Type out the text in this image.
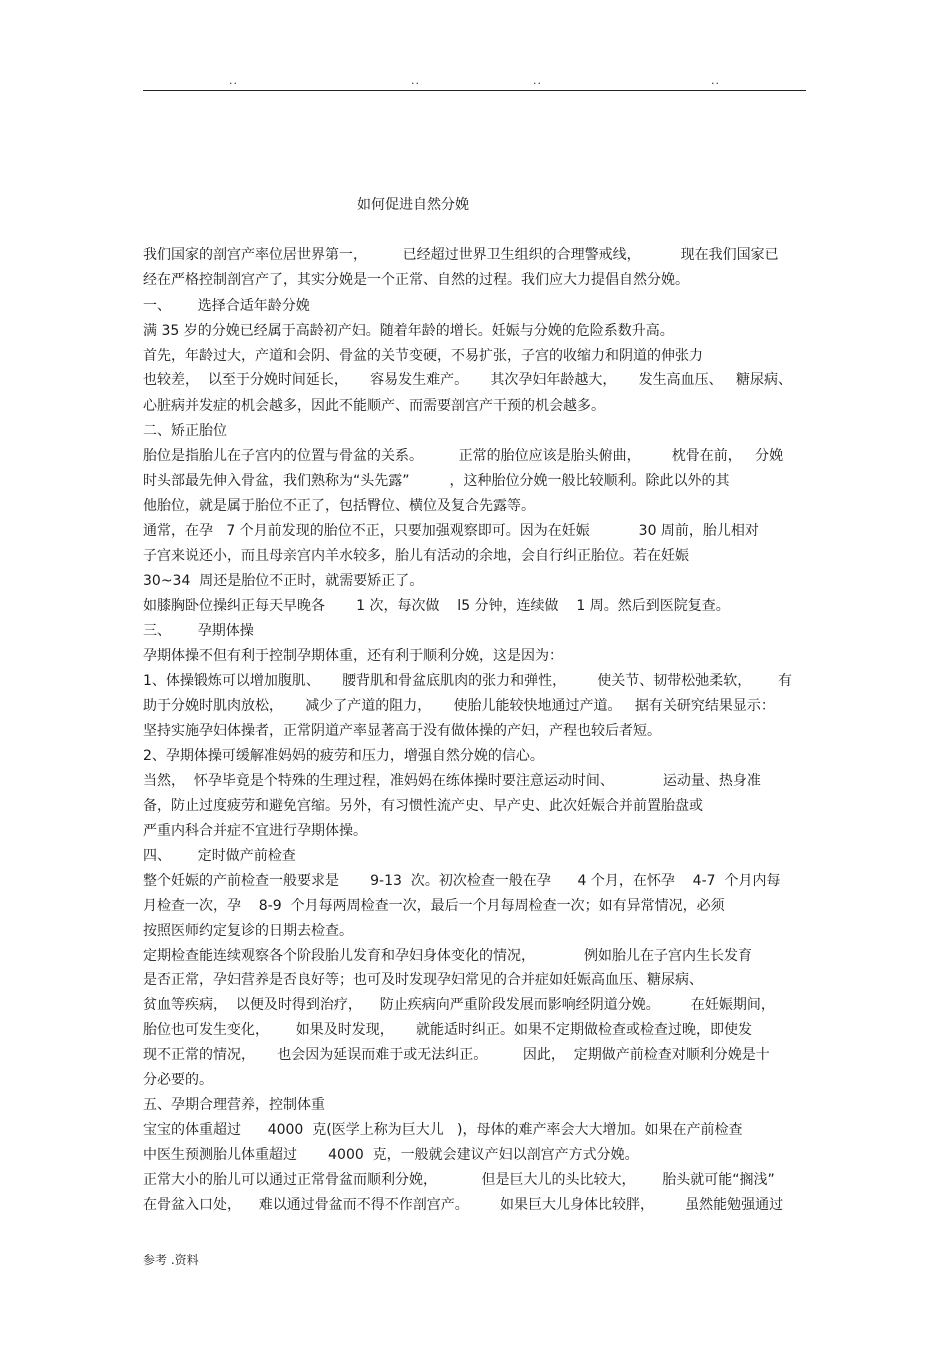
..	..	..	..
如何促进自然分娩
我们国家的剖宫产率位居世界第一，        已经超过世界卫生组织的合理警戒线，         现在我们国家已
经在严格控制剖宫产了，其实分娩是一个正常、自然的过程。我们应大力提倡自然分娩。
一、      选择合适年龄分娩
满 35 岁的分娩已经属于高龄初产妇。随着年龄的增长。妊娠与分娩的危险系数升高。
首先，年龄过大，产道和会阴、骨盆的关节变硬，不易扩张，子宫的收缩力和阴道的伸张力
也较差，  以至于分娩时间延长，     容易发生难产。     其次孕妇年龄越大，     发生高血压、   糖尿病、
心脏病并发症的机会越多，因此不能顺产、而需要剖宫产干预的机会越多。
二、矫正胎位
胎位是指胎儿在子宫内的位置与骨盆的关系。        正常的胎位应该是胎头俯曲，       枕骨在前，   分娩
时头部最先伸入骨盆，我们熟称为“头先露”         ，这种胎位分娩一般比较顺利。除此以外的其
他胎位，就是属于胎位不正了，包括臀位、横位及复合先露等。
通常，在孕   7 个月前发现的胎位不正，只要加强观察即可。因为在妊娠           30 周前，胎儿相对
子宫来说还小，而且母亲宫内羊水较多，胎儿有活动的余地，会自行纠正胎位。若在妊娠
30~34  周还是胎位不正时，就需要矫正了。
如膝胸卧位操纠正每天早晚各       1 次，每次做    l5 分钟，连续做    1 周。然后到医院复查。
三、      孕期体操
孕期体操不但有利于控制孕期体重，还有利于顺利分娩，这是因为：
1、体操锻炼可以增加腹肌、     腰背肌和骨盆底肌肉的张力和弹性，       使关节、韧带松弛柔软，      有
助于分娩时肌肉放松，     减少了产道的阻力，     使胎儿能较快地通过产道。   据有关研究结果显示：
坚持实施孕妇体操者，正常阴道产率显著高于没有做体操的产妇，产程也较后者短。
2、孕期体操可缓解准妈妈的疲劳和压力，增强自然分娩的信心。
当然，  怀孕毕竟是个特殊的生理过程，准妈妈在练体操时要注意运动时间、           运动量、热身准
备，防止过度疲劳和避免宫缩。另外，有习惯性流产史、早产史、此次妊娠合并前置胎盘或
严重内科合并症不宜进行孕期体操。
四、      定时做产前检查
整个妊娠的产前检查一般要求是       9-13  次。初次检查一般在孕      4 个月，在怀孕    4-7  个月内每
月检查一次，孕    8-9  个月每两周检查一次，最后一个月每周检查一次；如有异常情况，必须
按照医师约定复诊的日期去检查。
定期检查能连续观察各个阶段胎儿发育和孕妇身体变化的情况，           例如胎儿在子宫内生长发育
是否正常，孕妇营养是否良好等；也可及时发现孕妇常见的合并症如妊娠高血压、糖尿病、
贫血等疾病，  以便及时得到治疗，    防止疾病向严重阶段发展而影响经阴道分娩。       在妊娠期间，
胎位也可发生变化，      如果及时发现，     就能适时纠正。如果不定期做检查或检查过晚，即使发
现不正常的情况，     也会因为延误而难于或无法纠正。        因此，  定期做产前检查对顺利分娩是十
分必要的。
五、孕期合理营养，控制体重
宝宝的体重超过      4000  克(医学上称为巨大儿   )，母体的难产率会大大增加。如果在产前检查
中医生预测胎儿体重超过       4000  克，一般就会建议产妇以剖宫产方式分娩。
正常大小的胎儿可以通过正常骨盆而顺利分娩，          但是巨大儿的头比较大，      胎头就可能“搁浅”
在骨盆入口处，    难以通过骨盆而不得不作剖宫产。       如果巨大儿身体比较胖，       虽然能勉强通过
参考 .资料
